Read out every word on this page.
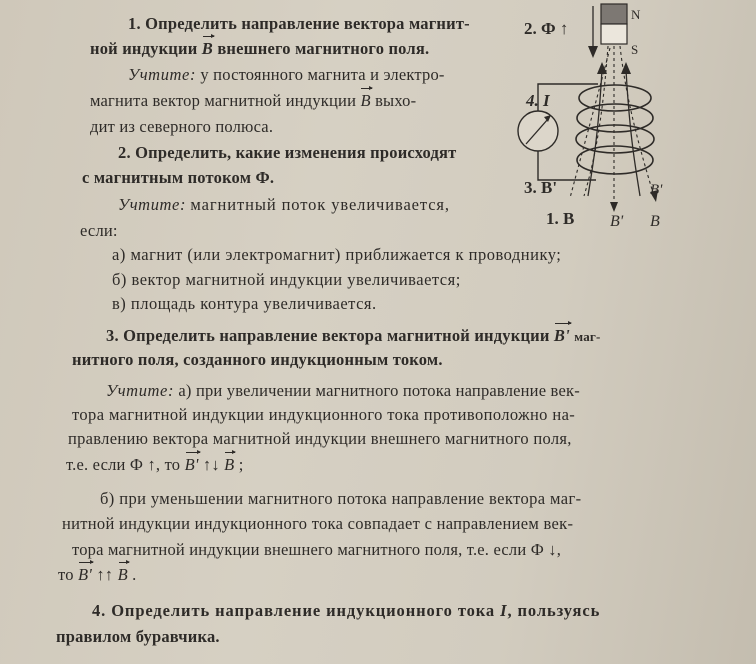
1. Определить направление вектора магнит-
ной индукции B внешнего магнитного поля.
Учтите: у постоянного магнита и электро-
магнита вектор магнитной индукции B выхо-
дит из северного полюса.
2. Определить, какие изменения происходят
с магнитным потоком Ф.
Учтите: магнитный поток увеличивается,
если:
а) магнит (или электромагнит) приближается к проводнику;
б) вектор магнитной индукции увеличивается;
в) площадь контура увеличивается.
3. Определить направление вектора магнитной индукции B' маг-
нитного поля, созданного индукционным током.
Учтите: а) при увеличении магнитного потока направление век-
тора магнитной индукции индукционного тока противоположно на-
правлению вектора магнитной индукции внешнего магнитного поля,
т.е. если Ф ↑, то B' ↑↓ B ;
б) при уменьшении магнитного потока направление вектора маг-
нитной индукции индукционного тока совпадает с направлением век-
тора магнитной индукции внешнего магнитного поля, т.е. если Ф ↓,
то B' ↑↑ B .
4. Определить направление индукционного тока I, пользуясь
правилом буравчика.
N
S
2. Ф ↑
4. I
3. B'	B'
1. B B' B
